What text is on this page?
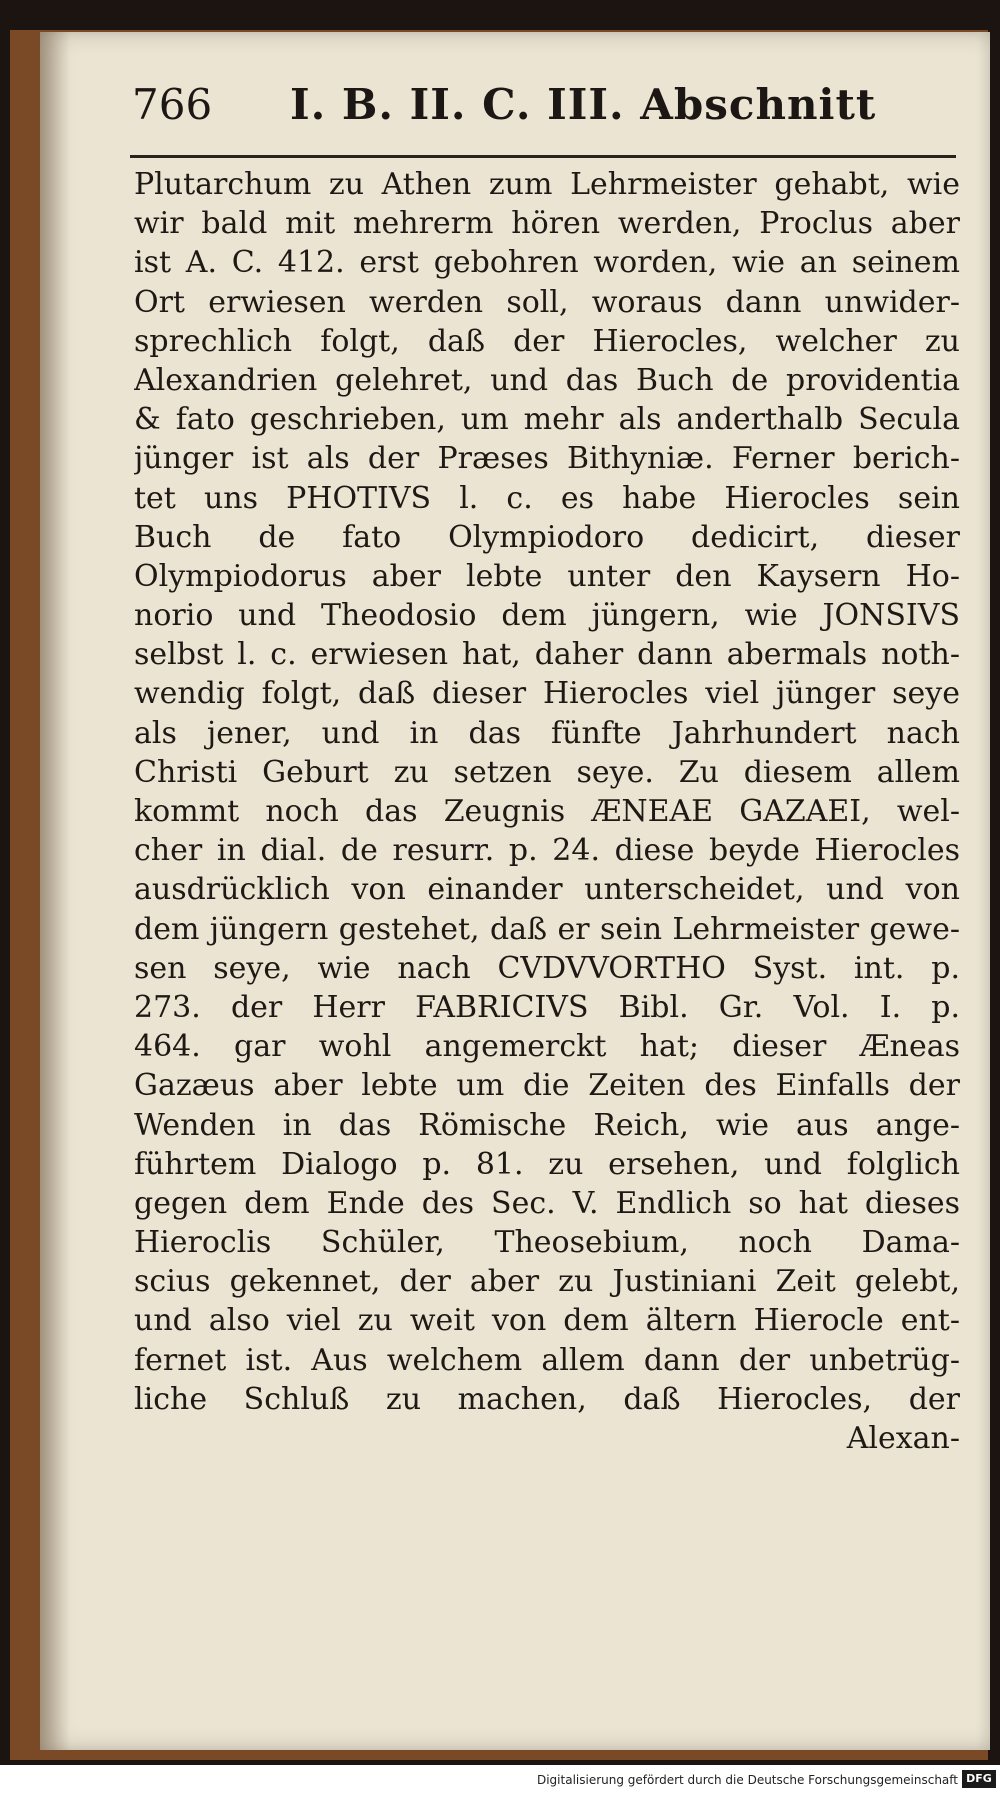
766 I. B. II. C. III. Abschnitt
Plutarchum zu Athen zum Lehrmeister gehabt, wie
wir bald mit mehrerm hören werden, Proclus aber
ist A. C. 412. erst gebohren worden, wie an seinem
Ort erwiesen werden soll, woraus dann unwider-
sprechlich folgt, daß der Hierocles, welcher zu
Alexandrien gelehret, und das Buch de providentia
& fato geschrieben, um mehr als anderthalb Secula
jünger ist als der Præses Bithyniæ. Ferner berich-
tet uns PHOTIVS l. c. es habe Hierocles sein
Buch de fato Olympiodoro dedicirt, dieser
Olympiodorus aber lebte unter den Kaysern Ho-
norio und Theodosio dem jüngern, wie JONSIVS
selbst l. c. erwiesen hat, daher dann abermals noth-
wendig folgt, daß dieser Hierocles viel jünger seye
als jener, und in das fünfte Jahrhundert nach
Christi Geburt zu setzen seye. Zu diesem allem
kommt noch das Zeugnis ÆNEAE GAZAEI, wel-
cher in dial. de resurr. p. 24. diese beyde Hierocles
ausdrücklich von einander unterscheidet, und von
dem jüngern gestehet, daß er sein Lehrmeister gewe-
sen seye, wie nach CVDVVORTHO Syst. int. p.
273. der Herr FABRICIVS Bibl. Gr. Vol. I. p.
464. gar wohl angemerckt hat; dieser Æneas
Gazæus aber lebte um die Zeiten des Einfalls der
Wenden in das Römische Reich, wie aus ange-
führtem Dialogo p. 81. zu ersehen, und folglich
gegen dem Ende des Sec. V. Endlich so hat dieses
Hieroclis Schüler, Theosebium, noch Dama-
scius gekennet, der aber zu Justiniani Zeit gelebt,
und also viel zu weit von dem ältern Hierocle ent-
fernet ist. Aus welchem allem dann der unbetrüg-
liche Schluß zu machen, daß Hierocles, der
Alexan-
Digitalisierung gefördert durch die Deutsche Forschungsgemeinschaft DFG
